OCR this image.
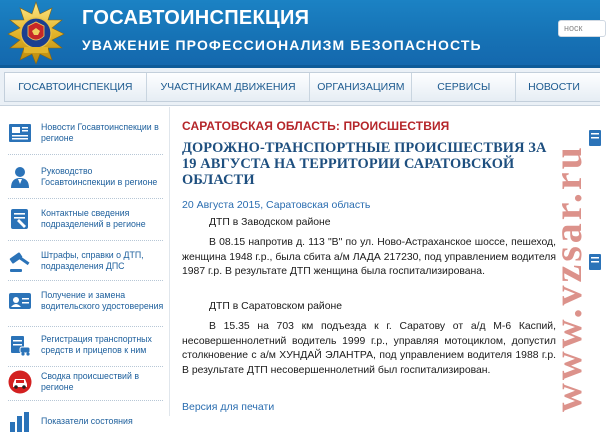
ГОСАВТОИНСПЕКЦИЯ
УВАЖЕНИЕ ПРОФЕССИОНАЛИЗМ БЕЗОПАСНОСТЬ
носк
ГОСАВТОИНСПЕКЦИЯ	УЧАСТНИКАМ ДВИЖЕНИЯ	ОРГАНИЗАЦИЯМ	СЕРВИСЫ	НОВОСТИ
Новости Госавтоинспекции в регионе
Руководство Госавтоинспекции в регионе
Контактные сведения подразделений в регионе
Штрафы, справки о ДТП, подразделения ДПС
Получение и замена водительского удостоверения
Регистрация транспортных средств и прицепов к ним
Сводка происшествий в регионе
Показатели состояния
САРАТОВСКАЯ ОБЛАСТЬ: ПРОИСШЕСТВИЯ
ДОРОЖНО-ТРАНСПОРТНЫЕ ПРОИСШЕСТВИЯ ЗА 19 АВГУСТА НА ТЕРРИТОРИИ САРАТОВСКОЙ ОБЛАСТИ
20 Августа 2015, Саратовская область
ДТП в Заводском районе
В 08.15 напротив д. 113 "В" по ул. Ново-Астраханское шоссе, пешеход, женщина 1948 г.р., была сбита а/м ЛАДА 217230, под управлением водителя 1987 г.р. В результате ДТП женщина была госпитализирована.
ДТП в Саратовском районе
В 15.35 на 703 км подъезда к г. Саратову от а/д М-6 Каспий, несовершеннолетний водитель 1999 г.р., управляя мотоциклом, допустил столкновение с а/м ХУНДАЙ ЭЛАНТРА, под управлением водителя 1988 г.р. В результате ДТП несовершеннолетний был госпитализирован.
Версия для печати	www.vzsar.ru
